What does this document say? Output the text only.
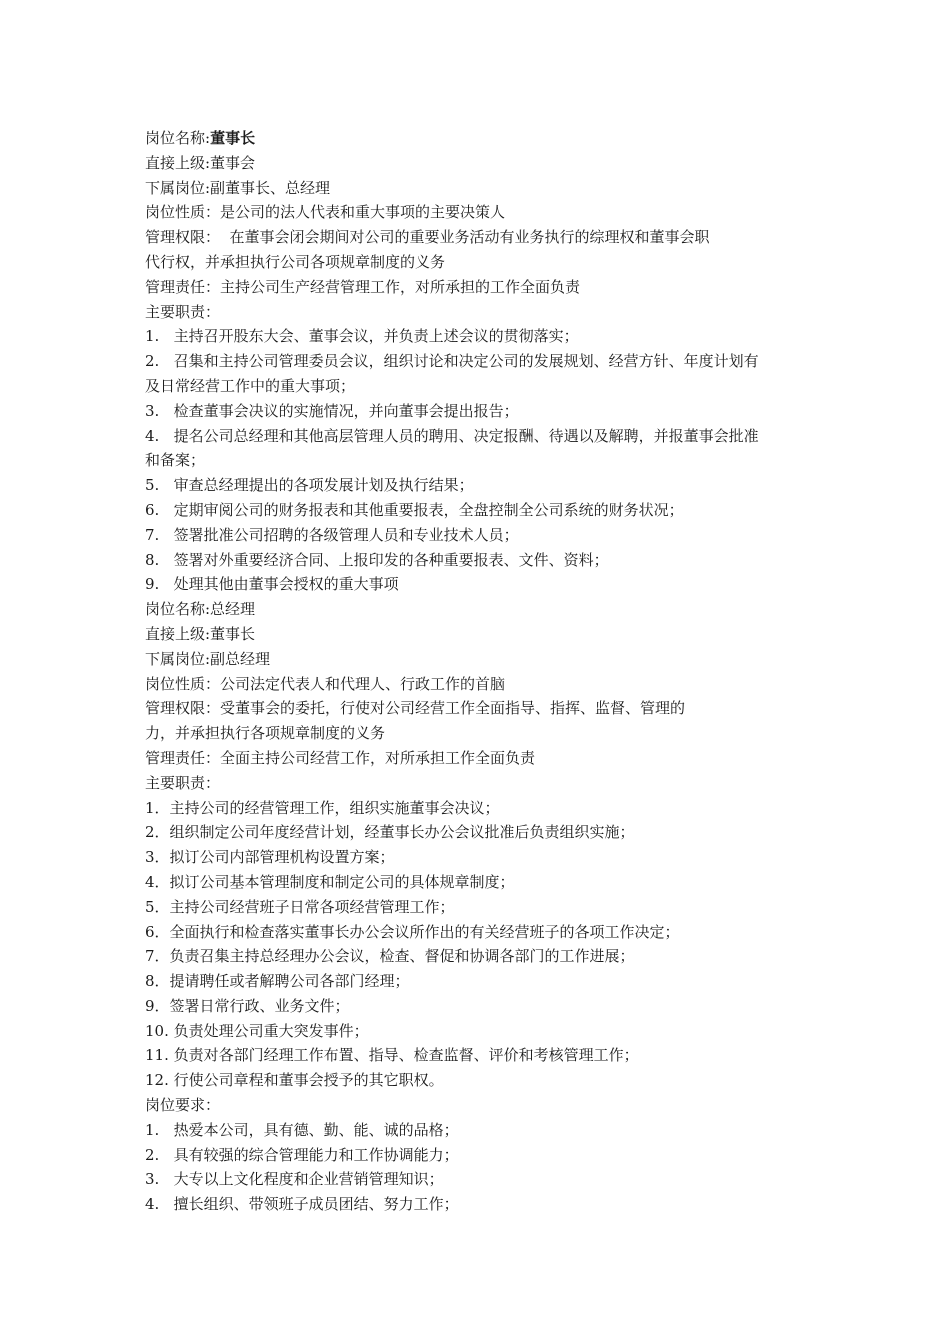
岗位名称:董事长
直接上级:董事会
下属岗位:副董事长、总经理
岗位性质：是公司的法人代表和重大事项的主要决策人
管理权限：  在董事会闭会期间对公司的重要业务活动有业务执行的综理权和董事会职
代行权，并承担执行公司各项规章制度的义务
管理责任：主持公司生产经营管理工作，对所承担的工作全面负责
主要职责：
1.   主持召开股东大会、董事会议，并负责上述会议的贯彻落实；
2.   召集和主持公司管理委员会议，组织讨论和决定公司的发展规划、经营方针、年度计划有
及日常经营工作中的重大事项；
3.   检查董事会决议的实施情况，并向董事会提出报告；
4.   提名公司总经理和其他高层管理人员的聘用、决定报酬、待遇以及解聘，并报董事会批准
和备案；
5.   审查总经理提出的各项发展计划及执行结果；
6.   定期审阅公司的财务报表和其他重要报表，全盘控制全公司系统的财务状况；
7.   签署批准公司招聘的各级管理人员和专业技术人员；
8.   签署对外重要经济合同、上报印发的各种重要报表、文件、资料；
9.   处理其他由董事会授权的重大事项
岗位名称:总经理
直接上级:董事长
下属岗位:副总经理
岗位性质：公司法定代表人和代理人、行政工作的首脑
管理权限：受董事会的委托，行使对公司经营工作全面指导、指挥、监督、管理的
力，并承担执行各项规章制度的义务
管理责任：全面主持公司经营工作，对所承担工作全面负责
主要职责：
1．主持公司的经营管理工作，组织实施董事会决议；
2．组织制定公司年度经营计划，经董事长办公会议批准后负责组织实施；
3．拟订公司内部管理机构设置方案；
4．拟订公司基本管理制度和制定公司的具体规章制度；
5．主持公司经营班子日常各项经营管理工作；
6．全面执行和检查落实董事长办公会议所作出的有关经营班子的各项工作决定；
7．负责召集主持总经理办公会议，检查、督促和协调各部门的工作进展；
8．提请聘任或者解聘公司各部门经理；
9．签署日常行政、业务文件；
10. 负责处理公司重大突发事件；
11. 负责对各部门经理工作布置、指导、检查监督、评价和考核管理工作；
12. 行使公司章程和董事会授予的其它职权。
岗位要求：
1.   热爱本公司，具有德、勤、能、诚的品格；
2.   具有较强的综合管理能力和工作协调能力；
3.   大专以上文化程度和企业营销管理知识；
4.   擅长组织、带领班子成员团结、努力工作；
